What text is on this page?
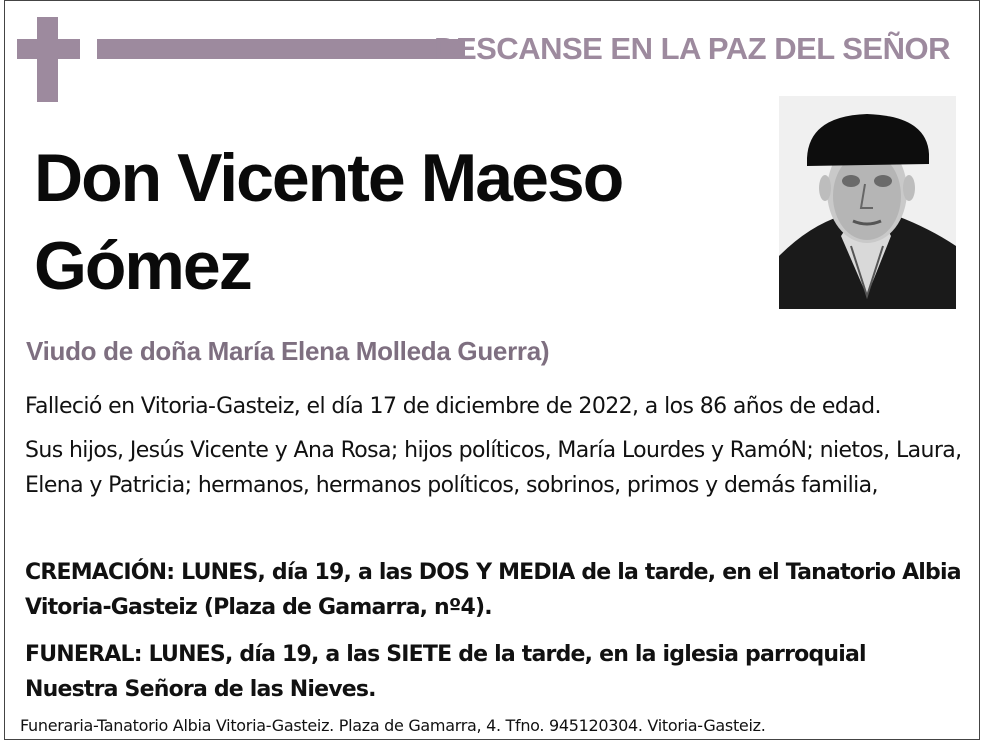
DESCANSE EN LA PAZ DEL SEÑOR
Don Vicente Maeso Gómez
Viudo de doña María Elena Molleda Guerra)
Falleció en Vitoria-Gasteiz, el día 17 de diciembre de 2022, a los 86 años de edad.
Sus hijos, Jesús Vicente y Ana Rosa; hijos políticos, María Lourdes y RamóN; nietos, Laura, Elena y Patricia; hermanos, hermanos políticos, sobrinos, primos y demás familia,
CREMACIÓN: LUNES, día 19, a las DOS Y MEDIA de la tarde, en el Tanatorio Albia Vitoria-Gasteiz (Plaza de Gamarra, nº4).
FUNERAL: LUNES, día 19, a las SIETE de la tarde, en la iglesia parroquial Nuestra Señora de las Nieves.
Funeraria-Tanatorio Albia Vitoria-Gasteiz. Plaza de Gamarra, 4. Tfno. 945120304. Vitoria-Gasteiz.
